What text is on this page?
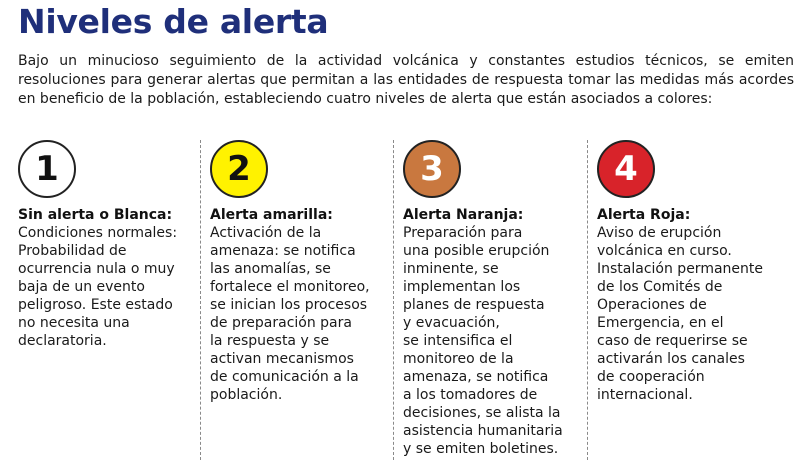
Niveles de alerta
Bajo un minucioso seguimiento de la actividad volcánica y constantes estudios técnicos, se emiten resoluciones para generar alertas que permitan a las entidades de respuesta tomar las medidas más acordes en beneficio de la población, estableciendo cuatro niveles de alerta que están asociados a colores:
1
Sin alerta o Blanca:
Condiciones normales:
Probabilidad de
ocurrencia nula o muy
baja de un evento
peligroso. Este estado
no necesita una
declaratoria.
2
Alerta amarilla:
Activación de la
amenaza: se notifica
las anomalías, se
fortalece el monitoreo,
se inician los procesos
de preparación para
la respuesta y se
activan mecanismos
de comunicación a la
población.
3
Alerta Naranja:
Preparación para
una posible erupción
inminente, se
implementan los
planes de respuesta
y evacuación,
se intensifica el
monitoreo de la
amenaza, se notifica
a los tomadores de
decisiones, se alista la
asistencia humanitaria
y se emiten boletines.
4
Alerta Roja:
Aviso de erupción
volcánica en curso.
Instalación permanente
de los Comités de
Operaciones de
Emergencia, en el
caso de requerirse se
activarán los canales
de cooperación
internacional.
